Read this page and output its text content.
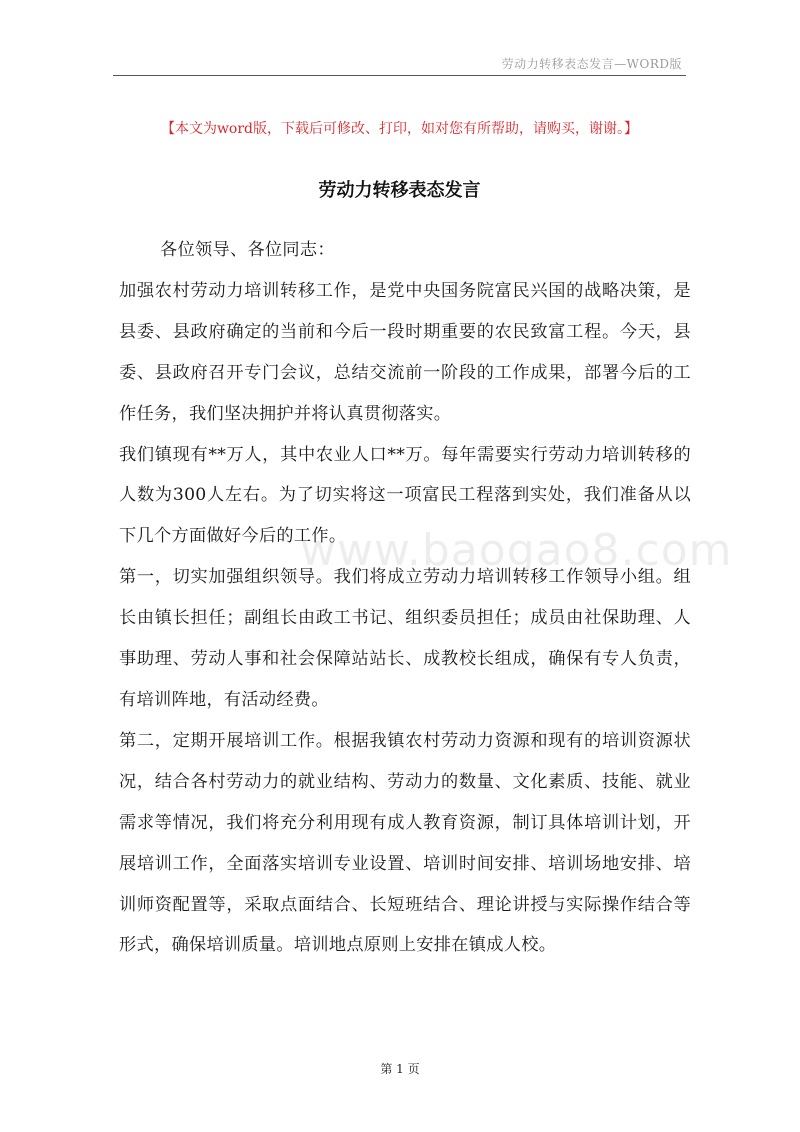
劳动力转移表态发言—WORD版
【本文为word版，下载后可修改、打印，如对您有所帮助，请购买，谢谢。】
劳动力转移表态发言

各位领导、各位同志：

加强农村劳动力培训转移工作，是党中央国务院富民兴国的战略决策，是县委、县政府确定的当前和今后一段时期重要的农民致富工程。今天，县委、县政府召开专门会议，总结交流前一阶段的工作成果，部署今后的工作任务，我们坚决拥护并将认真贯彻落实。

我们镇现有**万人，其中农业人口**万。每年需要实行劳动力培训转移的人数为300人左右。为了切实将这一项富民工程落到实处，我们准备从以下几个方面做好今后的工作。

第一，切实加强组织领导。我们将成立劳动力培训转移工作领导小组。组长由镇长担任；副组长由政工书记、组织委员担任；成员由社保助理、人事助理、劳动人事和社会保障站站长、成教校长组成，确保有专人负责，有培训阵地，有活动经费。

第二，定期开展培训工作。根据我镇农村劳动力资源和现有的培训资源状况，结合各村劳动力的就业结构、劳动力的数量、文化素质、技能、就业需求等情况，我们将充分利用现有成人教育资源，制订具体培训计划，开展培训工作，全面落实培训专业设置、培训时间安排、培训场地安排、培训师资配置等，采取点面结合、长短班结合、理论讲授与实际操作结合等形式，确保培训质量。培训地点原则上安排在镇成人校。

www.baogao8.com
第 1 页
